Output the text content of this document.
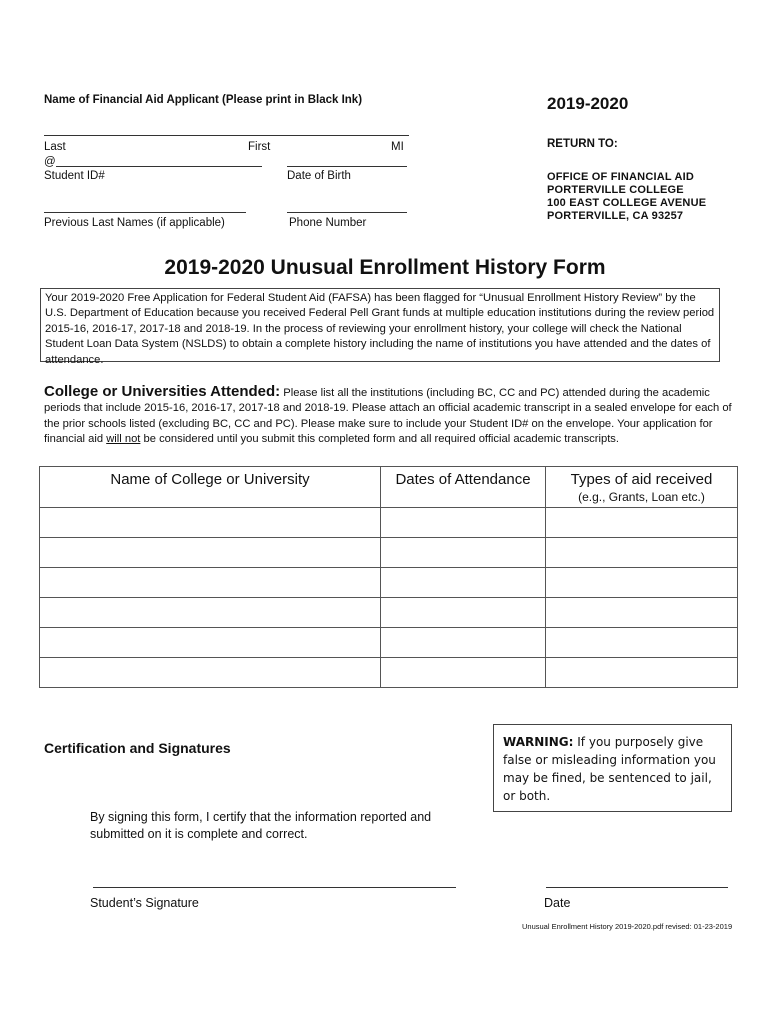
Name of Financial Aid Applicant (Please print in Black Ink)	2019-2020
Last	First	MI
@
Student ID#	Date of Birth
Previous Last Names (if applicable)	Phone Number
RETURN TO:
OFFICE OF FINANCIAL AID
PORTERVILLE COLLEGE
100 EAST COLLEGE AVENUE
PORTERVILLE, CA 93257
2019-2020 Unusual Enrollment History Form
Your 2019-2020 Free Application for Federal Student Aid (FAFSA) has been flagged for “Unusual Enrollment History Review” by the U.S. Department of Education because you received Federal Pell Grant funds at multiple education institutions during the review period 2015-16, 2016-17, 2017-18 and 2018-19. In the process of reviewing your enrollment history, your college will check the National Student Loan Data System (NSLDS) to obtain a complete history including the name of institutions you have attended and the dates of attendance.
College or Universities Attended: Please list all the institutions (including BC, CC and PC) attended during the academic periods that include 2015-16, 2016-17, 2017-18 and 2018-19. Please attach an official academic transcript in a sealed envelope for each of the prior schools listed (excluding BC, CC and PC). Please make sure to include your Student ID# on the envelope. Your application for financial aid will not be considered until you submit this completed form and all required official academic transcripts.
Name of College or University	Dates of Attendance	Types of aid received
(e.g., Grants, Loan etc.)

Certification and Signatures	WARNING: If you purposely give false or misleading information you may be fined, be sentenced to jail, or both.
By signing this form, I certify that the information reported and
submitted on it is complete and correct.
Student’s Signature	Date
Unusual Enrollment History 2019-2020.pdf revised: 01-23-2019
